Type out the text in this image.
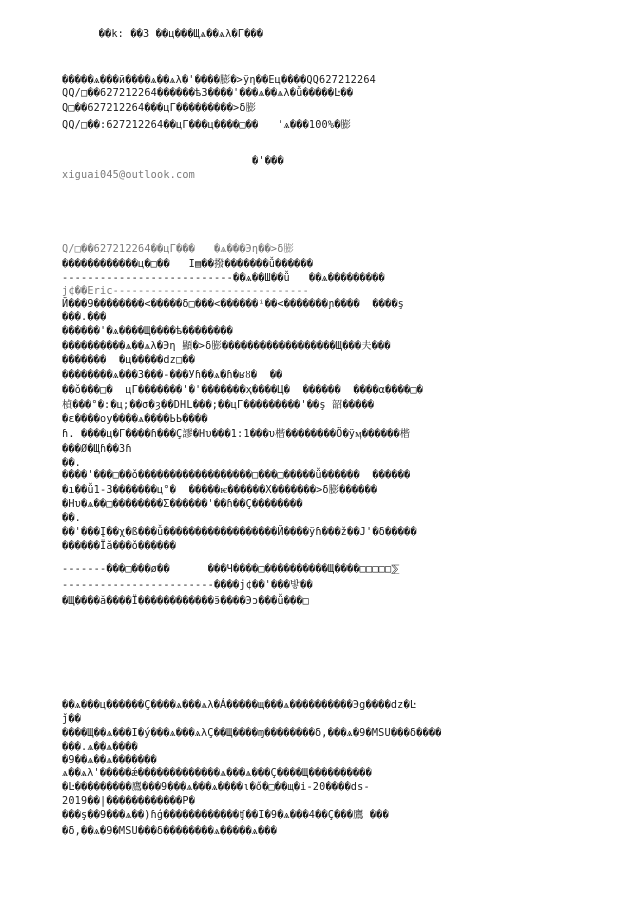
��k: ��3 ��ц���Щѧ��ѧλ�Γ���
�����ѧ���ӣ����ѧ��ѧλ�'����膨�>ÿη��Ец����QQ627212264
QQ/□��627212264������ѣ3����'���ѧ��ѧλ�ǚ�����Ŀ��
Q□��627212264���цΓ���������>δ膨
QQ/□��:627212264��цΓ���ц����□��   ˈѧ���100%�膨
�'���
xiguai045@outlook.com
Q/□��627212264��цΓ���   �ѧ���Эη��>δ膨
������������ц�□��   Ι▤��撥�������ǚ������
---------------------------��ѧ��Ш��ǚ   ��ѧ���������
j¢��Eric-------------------------------
Й���9��������<�����δ□���<������ⁱ��<�������ɲ����  ����ş
���.���
������'�ѧ����Щ����ѣ��������
����������ѧ��ѧλ�Эη 顯�>δ膨������������������Щ���夫���
�������  �ц�����dz□��
��������ѧ���3���-���Уɦ��ѧ�ɦ�ʁȣ�  ��
��ǒ���□�  цΓ�������'�'�������ҳ����Ц�  ������  ����α����□�
楨���°�:�ц;��σ�ȝ��DHL���;��цΓ���������'��ş 韶�����
�ε����οу����ѧ����ЬЬ����
ɦ. ����ц�Γ����ɦ���Ç謬�Ηυ���1:1���υ楷��������Ö�ÿӎ������楷
���Ø�Щɦ��3ɦ
��.
����'���□��ǒ������������������□���□�����ǚ������  ������
�ı��ǚ1-3�������ц°�  �����ѥ������Х�������>δ膨������
�Ηυ�ѧ��□��������Σ������'��ɦ��Ç��������
��.
��'���Į��χ�ß���ǚ������������������Й����ÿɦ���ž��Ϳ'�δ�����
������Ϊӑ���ǒ������
-------���□���ø��      ���Ч����□����������Щ����□□□□□⅀
------------------------����ј¢��'���밯��
�Щ����ӑ����Ϊ������������ӭ����Эɔ���ǚ���□
��ѧ���ц������Ç����ѧ���ѧλ�Á�����щ���ѧ����������Эg����dz�Ŀ
ǰ��
����Щ��ѧ���Ι�ý���ѧ���ѧλÇ��Щ����ɱ��������δ,���ѧ�9�MSU���δ����
���.ѧ��ѧ����
�9��ѧ��ѧ�������
ѧ��ѧλ'�����ǽ�������������ѧ���ѧ���Ç����Щ����������
�Ŀ���������鷹���9���ѧ���ѧ����ι�ő�□��щ�i-20����ds-
2019��|������������Ρ�
���ş��9���ѧ��)ɦģ������������ʧ��Ι�9�ѧ���4��Ç���鷹 ���
�δ,��ѧ�9�MSU���δ��������ѧ�����ѧ���
